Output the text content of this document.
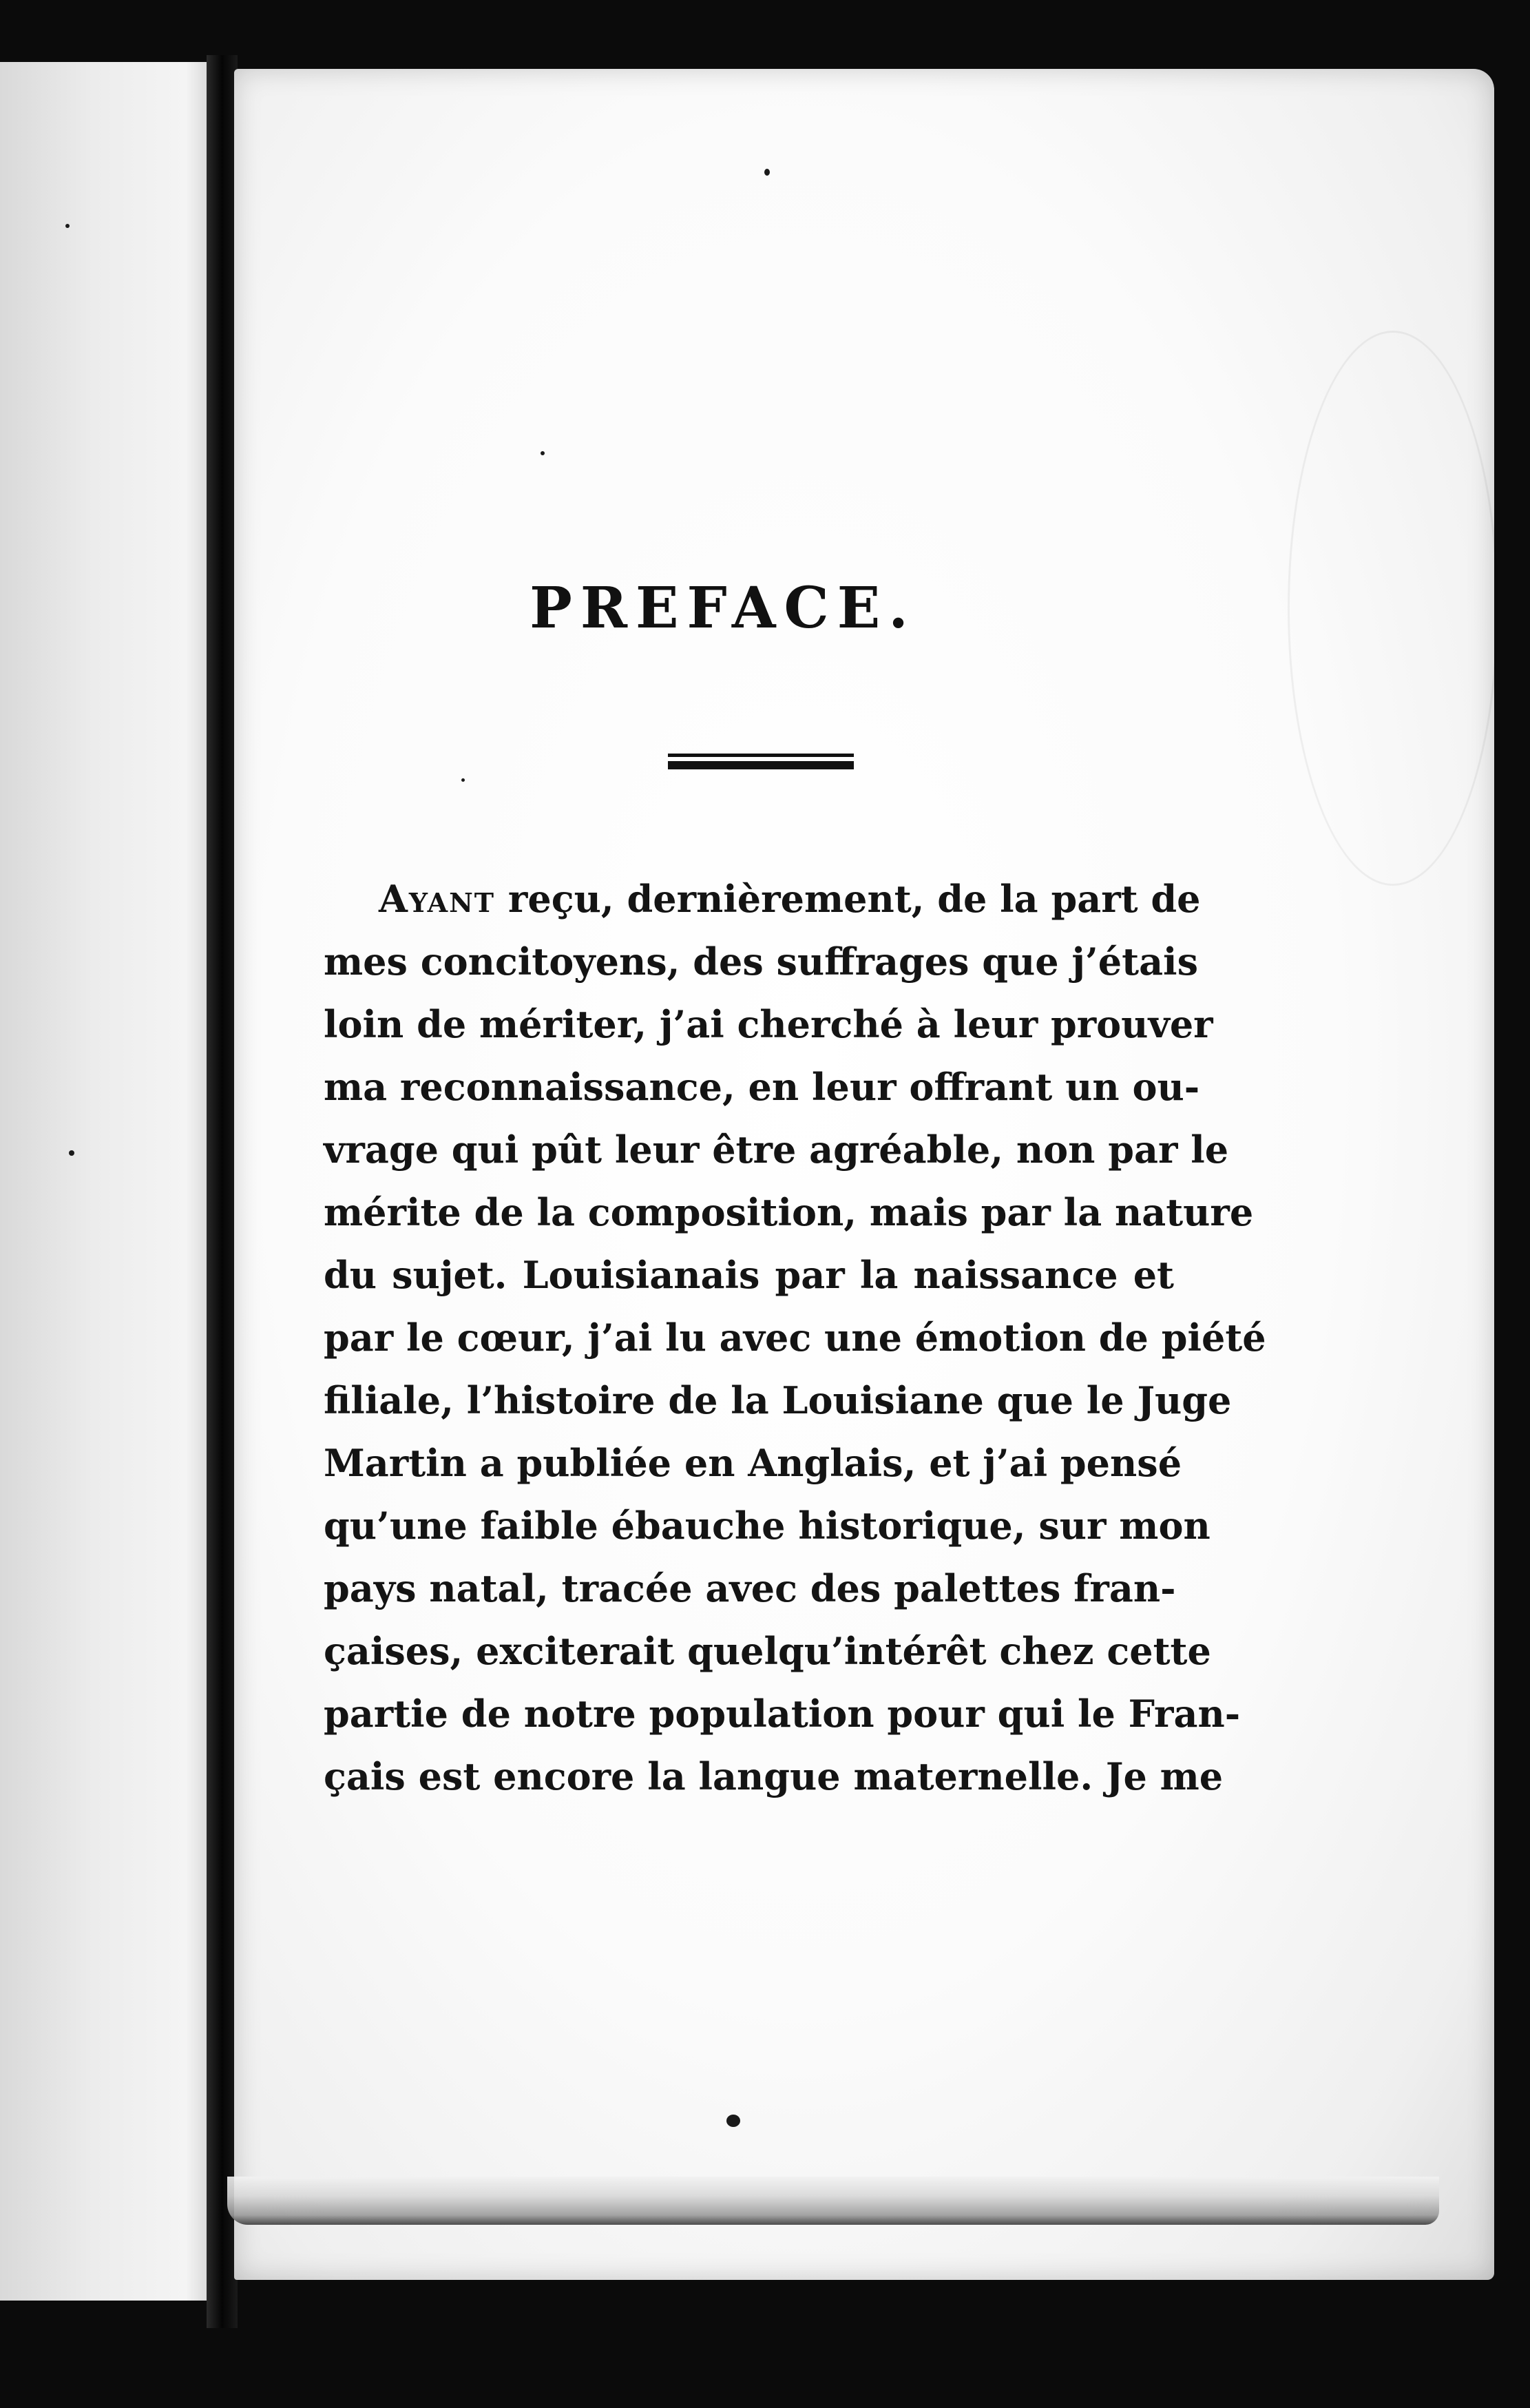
PREFACE.
Ayant reçu, dernièrement, de la part de
mes concitoyens, des suffrages que j’étais
loin de mériter, j’ai cherché à leur prouver
ma reconnaissance, en leur offrant un ou-
vrage qui pût leur être agréable, non par le
mérite de la composition, mais par la nature
du sujet. Louisianais par la naissance et
par le cœur, j’ai lu avec une émotion de piété
filiale, l’histoire de la Louisiane que le Juge
Martin a publiée en Anglais, et j’ai pensé
qu’une faible ébauche historique, sur mon
pays natal, tracée avec des palettes fran-
çaises, exciterait quelqu’intérêt chez cette
partie de notre population pour qui le Fran-
çais est encore la langue maternelle. Je me
